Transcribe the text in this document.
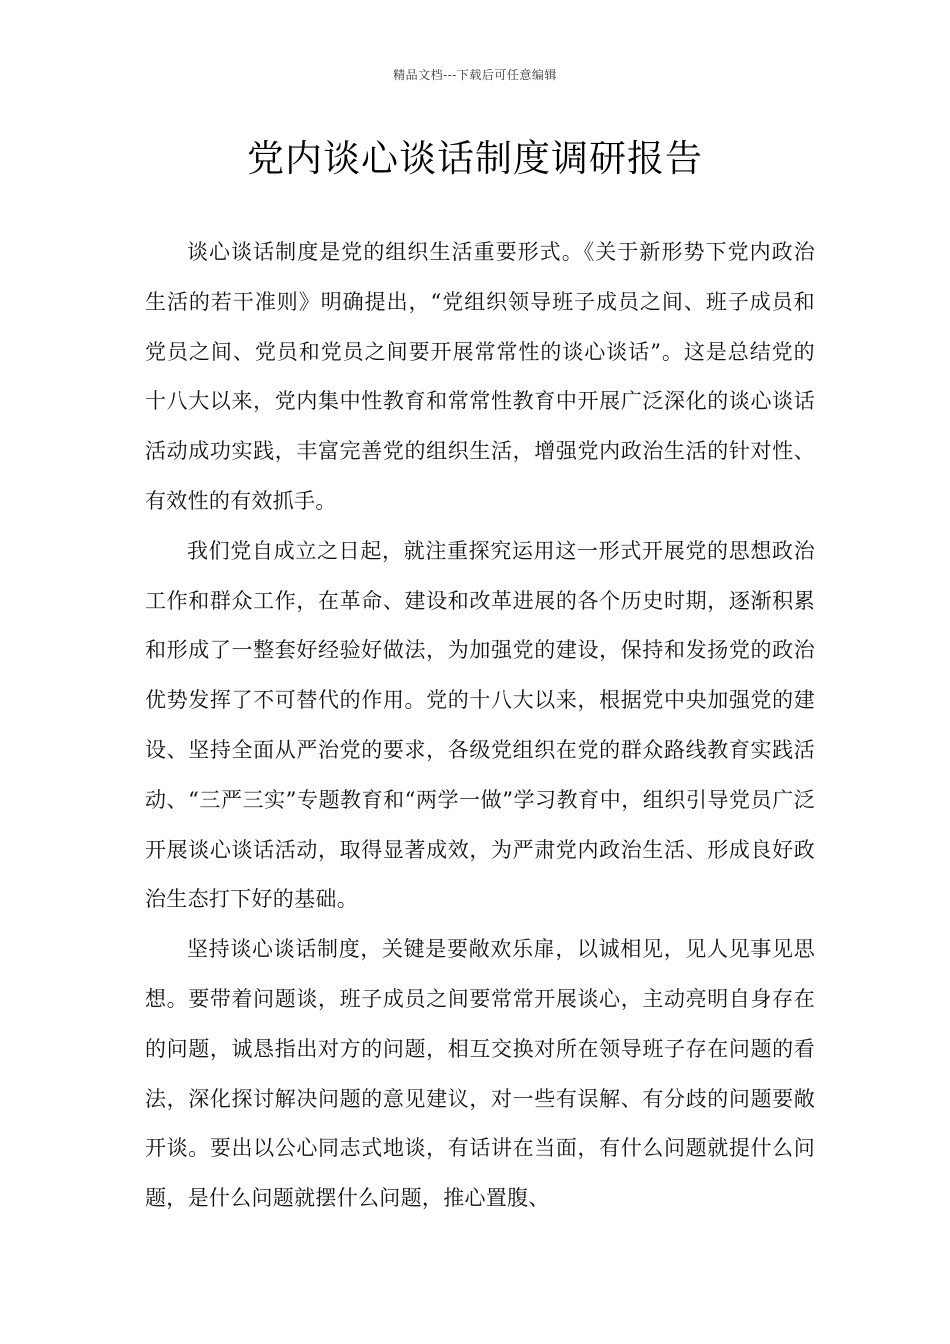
精品文档---下载后可任意编辑
党内谈心谈话制度调研报告

谈心谈话制度是党的组织生活重要形式。《关于新形势下党内政治生活的若干准则》明确提出，“党组织领导班子成员之间、班子成员和党员之间、党员和党员之间要开展常常性的谈心谈话”。这是总结党的十八大以来，党内集中性教育和常常性教育中开展广泛深化的谈心谈话活动成功实践，丰富完善党的组织生活，增强党内政治生活的针对性、有效性的有效抓手。

我们党自成立之日起，就注重探究运用这一形式开展党的思想政治工作和群众工作，在革命、建设和改革进展的各个历史时期，逐渐积累和形成了一整套好经验好做法，为加强党的建设，保持和发扬党的政治优势发挥了不可替代的作用。党的十八大以来，根据党中央加强党的建设、坚持全面从严治党的要求，各级党组织在党的群众路线教育实践活动、“三严三实”专题教育和“两学一做”学习教育中，组织引导党员广泛开展谈心谈话活动，取得显著成效，为严肃党内政治生活、形成良好政治生态打下好的基础。

坚持谈心谈话制度，关键是要敞欢乐扉，以诚相见，见人见事见思想。要带着问题谈，班子成员之间要常常开展谈心，主动亮明自身存在的问题，诚恳指出对方的问题，相互交换对所在领导班子存在问题的看法，深化探讨解决问题的意见建议，对一些有误解、有分歧的问题要敞开谈。要出以公心同志式地谈，有话讲在当面，有什么问题就提什么问题，是什么问题就摆什么问题，推心置腹、
